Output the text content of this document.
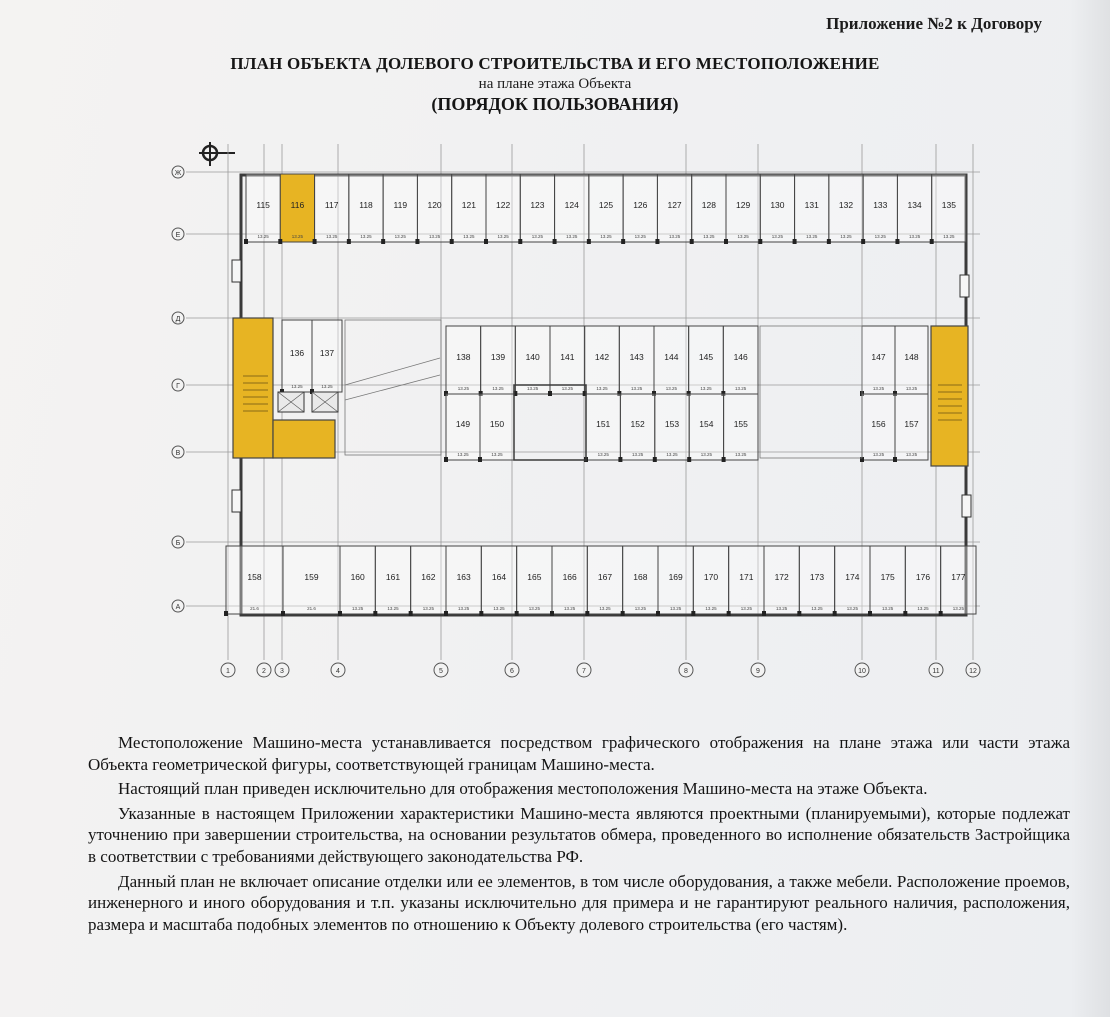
Приложение №2 к Договору
ПЛАН ОБЪЕКТА ДОЛЕВОГО СТРОИТЕЛЬСТВА И ЕГО МЕСТОПОЛОЖЕНИЕ
на плане этажа Объекта
(ПОРЯДОК ПОЛЬЗОВАНИЯ)
Ж
Е
Д
Г
В
Б
А
1	2 3	4	5	6	7	8	9	10	11	12
115
13.25
116
13.25
117
13.25
118
13.25
119
13.25
120
13.25
121
13.25
122
13.25
123
13.25
124
13.25
125
13.25
126
13.25
127
13.25
128
13.25
129
13.25
130
13.25
131
13.25
132
13.25
133
13.25
134
13.25
135
13.25
136
13.25
137
13.25
138
13.25
139
13.25
140
13.25
141
13.25
142
13.25
143
13.25
144
13.25
145
13.25
146
13.25
147
13.25
148
13.25
149
13.25
150
13.25
151
13.25
152
13.25
153
13.25
154
13.25
155
13.25
156
13.25
157
13.25
158
21.6
159
21.6
160
13.25
161
13.25
162
13.25
163
13.25
164
13.25
165
13.25
166
13.25
167
13.25
168
13.25
169
13.25
170
13.25
171
13.25
172
13.25
173
13.25
174
13.25
175
13.25
176
13.25
177
13.25

Местоположение Машино-места устанавливается посредством графического отображения на плане этажа или части этажа Объекта геометрической фигуры, соответствующей границам Машино-места.

Настоящий план приведен исключительно для отображения местоположения Машино-места на этаже Объекта.

Указанные в настоящем Приложении характеристики Машино-места являются проектными (планируемыми), которые подлежат уточнению при завершении строительства, на основании результатов обмера, проведенного во исполнение обязательств Застройщика в соответствии с требованиями действующего законодательства РФ.

Данный план не включает описание отделки или ее элементов, в том числе оборудования, а также мебели. Расположение проемов, инженерного и иного оборудования и т.п. указаны исключительно для примера и не гарантируют реального наличия, расположения, размера и масштаба подобных элементов по отношению к Объекту долевого строительства (его частям).
